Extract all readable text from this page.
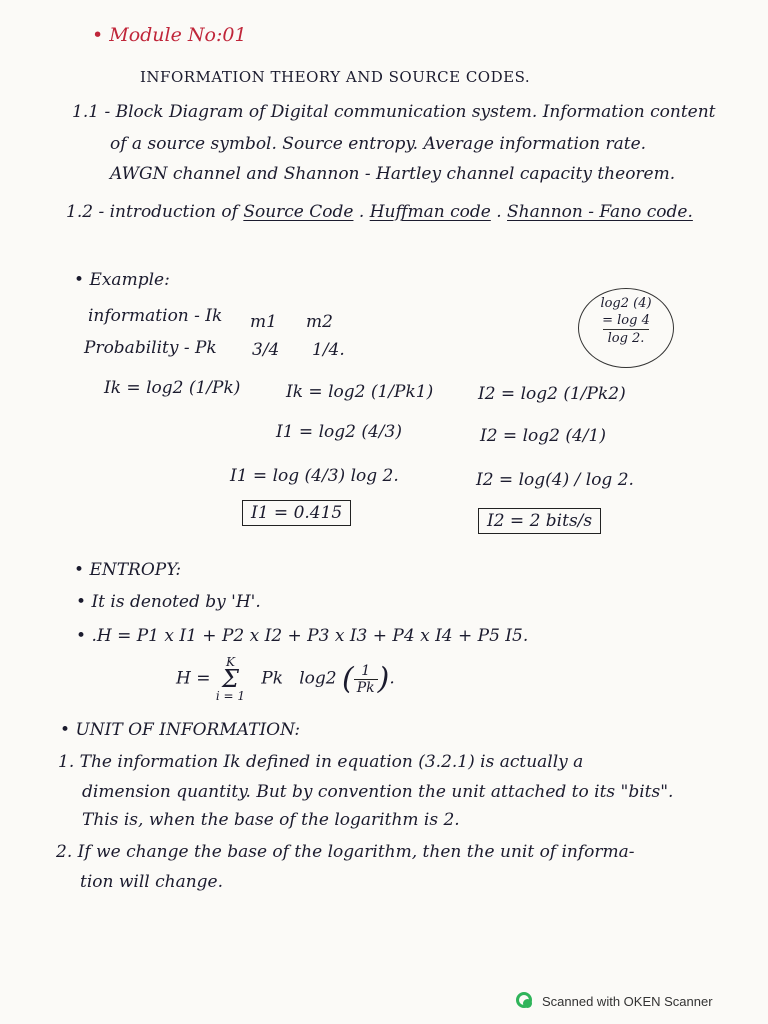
• Module No:01
INFORMATION THEORY AND SOURCE CODES.
1.1 - Block Diagram of Digital communication system. Information content
of a source symbol. Source entropy. Average information rate.
AWGN channel and Shannon - Hartley channel capacity theorem.
1.2 - introduction of Source Code . Huffman code . Shannon - Fano code.
• Example:
information - Ik m1 m2
Probability - Pk 3/4 1/4.
log2 (4)
= log 4
log 2.
Ik = log2 (1/Pk)	Ik = log2 (1/Pk1)	I2 = log2 (1/Pk2)
I1 = log2 (4/3)	I2 = log2 (4/1)
I1 = log (4/3) log 2.	I2 = log(4) / log 2.
I1 = 0.415	I2 = 2 bits/s
• ENTROPY:
• It is denoted by 'H'.
• .H = P1 x I1 + P2 x I2 + P3 x I3 + P4 x I4 + P5 I5.
H = K
Σ
i = 1   Pk log2 ( $\frac{1}{Pk}$ ).
• UNIT OF INFORMATION:
1. The information Ik defined in equation (3.2.1) is actually a
dimension quantity. But by convention the unit attached to its "bits".
This is, when the base of the logarithm is 2.
2. If we change the base of the logarithm, then the unit of informa-
tion will change.
Scanned with OKEN Scanner
